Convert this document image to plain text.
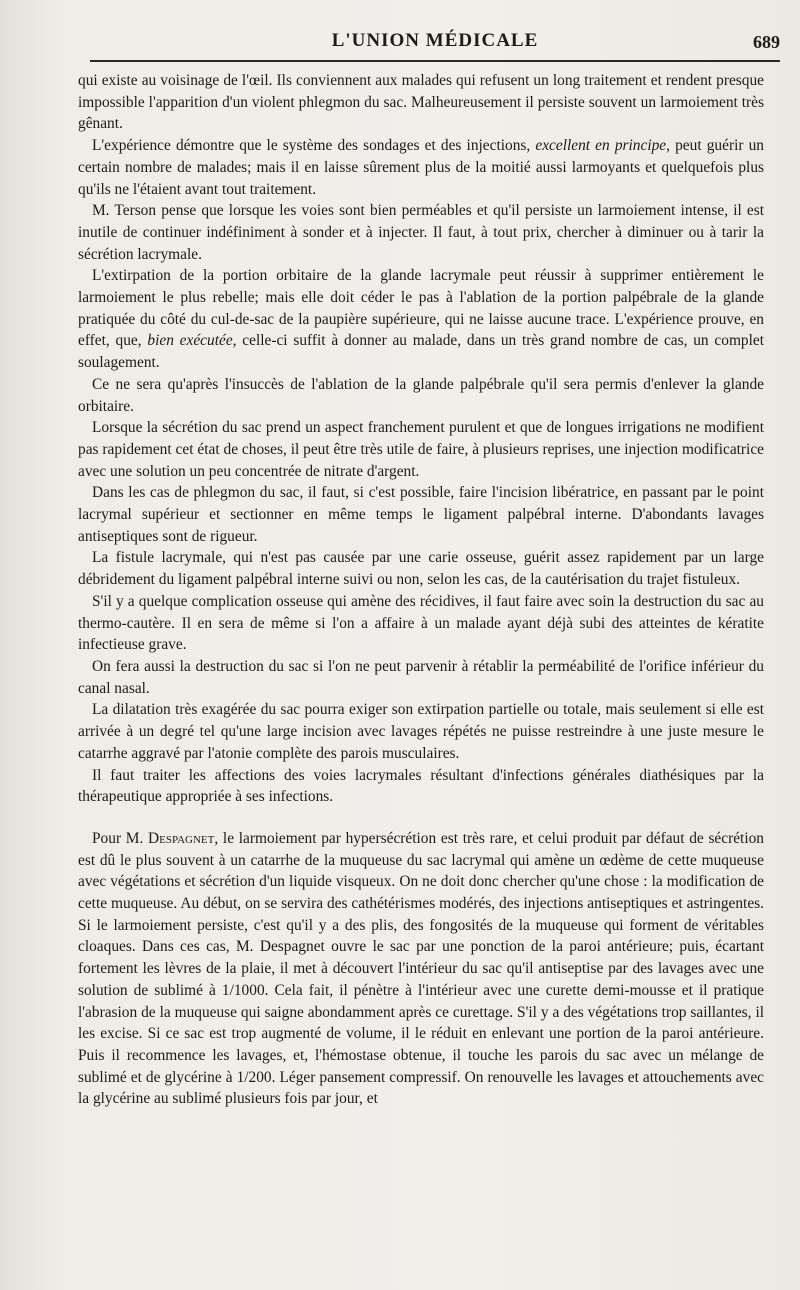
L'UNION MÉDICALE	689

qui existe au voisinage de l'œil. Ils conviennent aux malades qui refusent un long traitement et rendent presque impossible l'apparition d'un violent phlegmon du sac. Malheureusement il persiste souvent un larmoiement très gênant.

L'expérience démontre que le système des sondages et des injections, excellent en principe, peut guérir un certain nombre de malades; mais il en laisse sûrement plus de la moitié aussi larmoyants et quelquefois plus qu'ils ne l'étaient avant tout traitement.

M. Terson pense que lorsque les voies sont bien perméables et qu'il persiste un larmoiement intense, il est inutile de continuer indéfiniment à sonder et à injecter. Il faut, à tout prix, chercher à diminuer ou à tarir la sécrétion lacrymale.

L'extirpation de la portion orbitaire de la glande lacrymale peut réussir à supprimer entièrement le larmoiement le plus rebelle; mais elle doit céder le pas à l'ablation de la portion palpébrale de la glande pratiquée du côté du cul-de-sac de la paupière supérieure, qui ne laisse aucune trace. L'expérience prouve, en effet, que, bien exécutée, celle-ci suffit à donner au malade, dans un très grand nombre de cas, un complet soulagement.

Ce ne sera qu'après l'insuccès de l'ablation de la glande palpébrale qu'il sera permis d'enlever la glande orbitaire.

Lorsque la sécrétion du sac prend un aspect franchement purulent et que de longues irrigations ne modifient pas rapidement cet état de choses, il peut être très utile de faire, à plusieurs reprises, une injection modificatrice avec une solution un peu concentrée de nitrate d'argent.

Dans les cas de phlegmon du sac, il faut, si c'est possible, faire l'incision libératrice, en passant par le point lacrymal supérieur et sectionner en même temps le ligament palpébral interne. D'abondants lavages antiseptiques sont de rigueur.

La fistule lacrymale, qui n'est pas causée par une carie osseuse, guérit assez rapidement par un large débridement du ligament palpébral interne suivi ou non, selon les cas, de la cautérisation du trajet fistuleux.

S'il y a quelque complication osseuse qui amène des récidives, il faut faire avec soin la destruction du sac au thermo-cautère. Il en sera de même si l'on a affaire à un malade ayant déjà subi des atteintes de kératite infectieuse grave.

On fera aussi la destruction du sac si l'on ne peut parvenir à rétablir la perméabilité de l'orifice inférieur du canal nasal.

La dilatation très exagérée du sac pourra exiger son extirpation partielle ou totale, mais seulement si elle est arrivée à un degré tel qu'une large incision avec lavages répétés ne puisse restreindre à une juste mesure le catarrhe aggravé par l'atonie complète des parois musculaires.

Il faut traiter les affections des voies lacrymales résultant d'infections générales diathésiques par la thérapeutique appropriée à ses infections.

Pour M. Despagnet, le larmoiement par hypersécrétion est très rare, et celui produit par défaut de sécrétion est dû le plus souvent à un catarrhe de la muqueuse du sac lacrymal qui amène un œdème de cette muqueuse avec végétations et sécrétion d'un liquide visqueux. On ne doit donc chercher qu'une chose : la modification de cette muqueuse. Au début, on se servira des cathétérismes modérés, des injections antiseptiques et astringentes. Si le larmoiement persiste, c'est qu'il y a des plis, des fongosités de la muqueuse qui forment de véritables cloaques. Dans ces cas, M. Despagnet ouvre le sac par une ponction de la paroi antérieure; puis, écartant fortement les lèvres de la plaie, il met à découvert l'intérieur du sac qu'il antiseptise par des lavages avec une solution de sublimé à 1/1000. Cela fait, il pénètre à l'intérieur avec une curette demi-mousse et il pratique l'abrasion de la muqueuse qui saigne abondamment après ce curettage. S'il y a des végétations trop saillantes, il les excise. Si ce sac est trop augmenté de volume, il le réduit en enlevant une portion de la paroi antérieure. Puis il recommence les lavages, et, l'hémostase obtenue, il touche les parois du sac avec un mélange de sublimé et de glycérine à 1/200. Léger pansement compressif. On renouvelle les lavages et attouchements avec la glycérine au sublimé plusieurs fois par jour, et
